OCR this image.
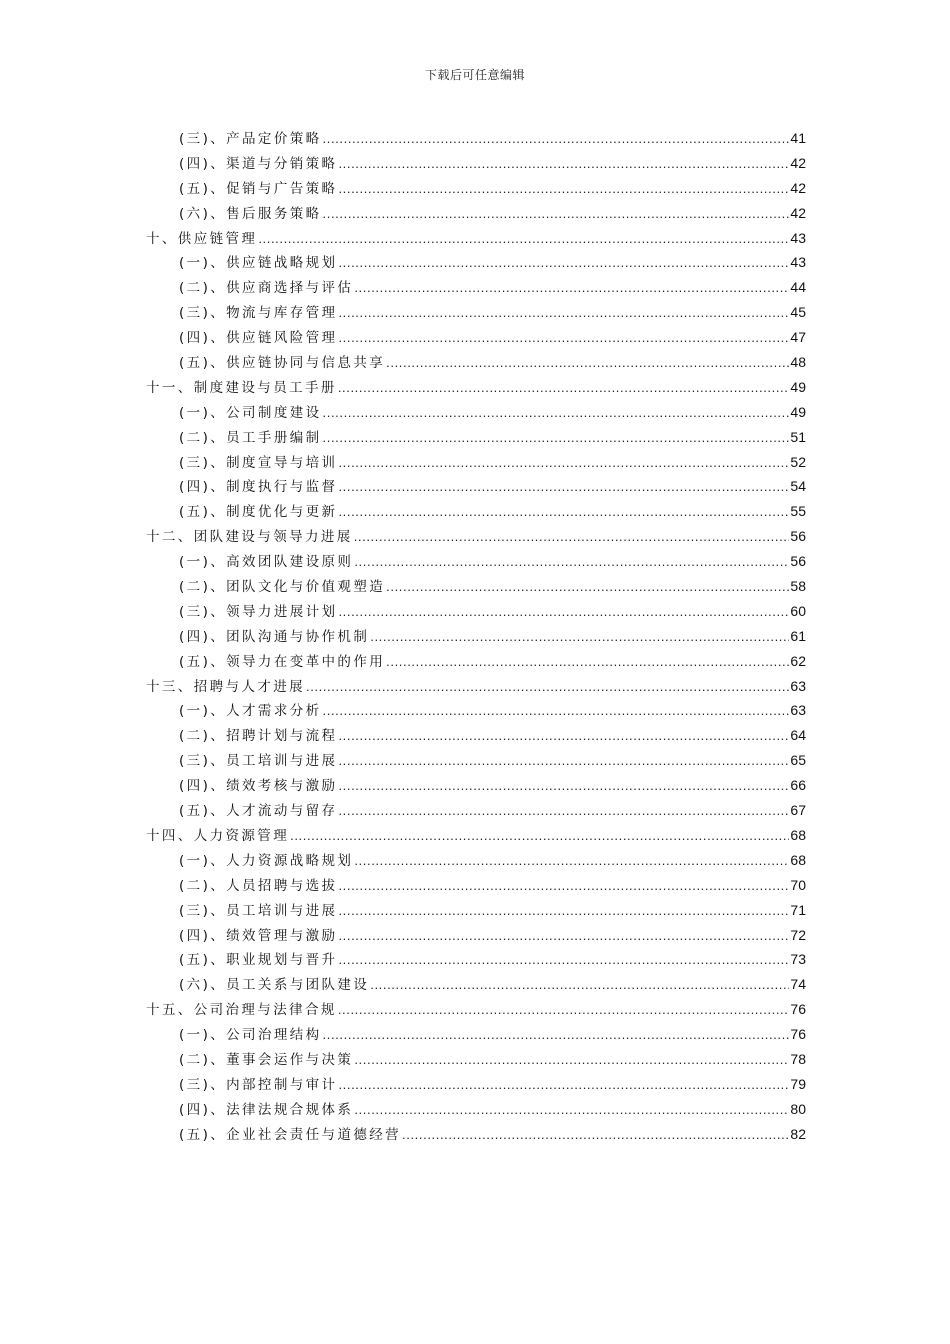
下载后可任意编辑
(三)、产品定价策略 .....	41
(四)、渠道与分销策略 .....	42
(五)、促销与广告策略 .....	42
(六)、售后服务策略 .....	42
十、供应链管理 .....	43
(一)、供应链战略规划 .....	43
(二)、供应商选择与评估 .....	44
(三)、物流与库存管理 .....	45
(四)、供应链风险管理 .....	47
(五)、供应链协同与信息共享 .....	48
十一、制度建设与员工手册 .....	49
(一)、公司制度建设 .....	49
(二)、员工手册编制 .....	51
(三)、制度宣导与培训 .....	52
(四)、制度执行与监督 .....	54
(五)、制度优化与更新 .....	55
十二、团队建设与领导力进展 .....	56
(一)、高效团队建设原则 .....	56
(二)、团队文化与价值观塑造 .....	58
(三)、领导力进展计划 .....	60
(四)、团队沟通与协作机制 .....	61
(五)、领导力在变革中的作用 .....	62
十三、招聘与人才进展 .....	63
(一)、人才需求分析 .....	63
(二)、招聘计划与流程 .....	64
(三)、员工培训与进展 .....	65
(四)、绩效考核与激励 .....	66
(五)、人才流动与留存 .....	67
十四、人力资源管理 .....	68
(一)、人力资源战略规划 .....	68
(二)、人员招聘与选拔 .....	70
(三)、员工培训与进展 .....	71
(四)、绩效管理与激励 .....	72
(五)、职业规划与晋升 .....	73
(六)、员工关系与团队建设 .....	74
十五、公司治理与法律合规 .....	76
(一)、公司治理结构 .....	76
(二)、董事会运作与决策 .....	78
(三)、内部控制与审计 .....	79
(四)、法律法规合规体系 .....	80
(五)、企业社会责任与道德经营 .....	82
